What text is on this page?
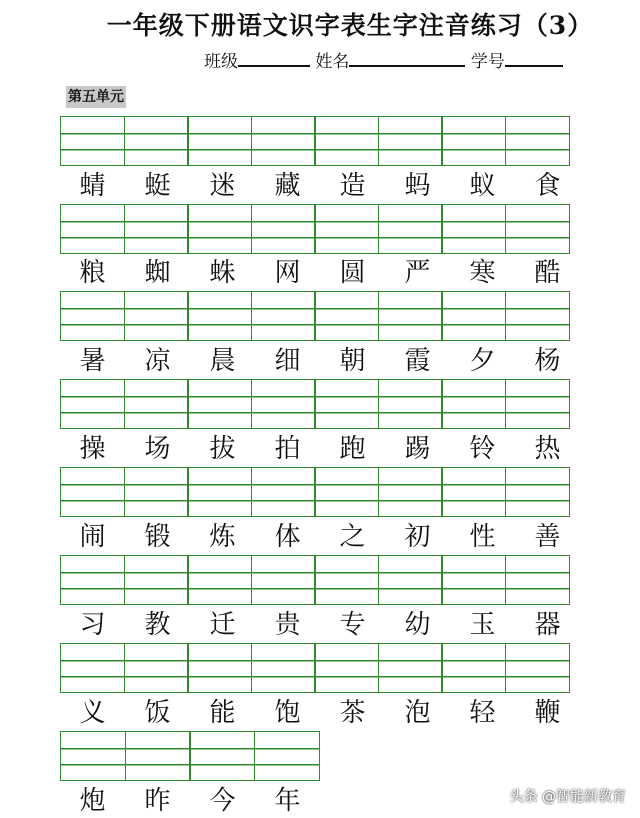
一年级下册语文识字表生字注音练习（3）
班级	姓名	学号
第五单元
蜻	蜓	迷	藏	造	蚂	蚁	食
粮	蜘	蛛	网	圆	严	寒	酷
暑	凉	晨	细	朝	霞	夕	杨
操	场	拔	拍	跑	踢	铃	热
闹	锻	炼	体	之	初	性	善
习	教	迁	贵	专	幼	玉	器
义	饭	能	饱	茶	泡	轻	鞭
炮	昨	今	年	头条 @智能新教育
